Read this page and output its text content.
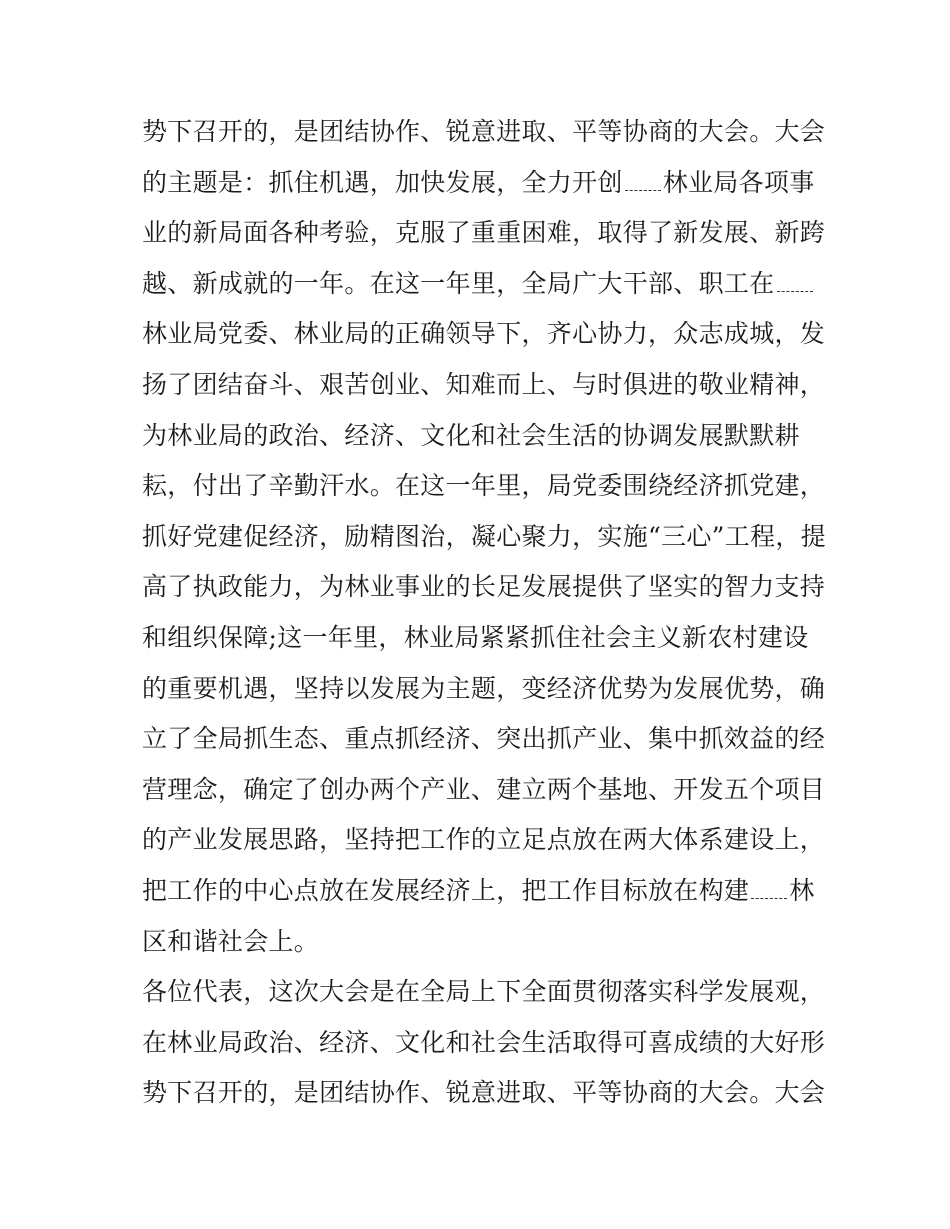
势下召开的，是团结协作、锐意进取、平等协商的大会。大会
的主题是：抓住机遇，加快发展，全力开创 林业局各项事
业的新局面各种考验，克服了重重困难，取得了新发展、新跨
越、新成就的一年。在这一年里，全局广大干部、职工在
林业局党委、林业局的正确领导下，齐心协力，众志成城，发
扬了团结奋斗、艰苦创业、知难而上、与时俱进的敬业精神，
为林业局的政治、经济、文化和社会生活的协调发展默默耕
耘，付出了辛勤汗水。在这一年里，局党委围绕经济抓党建，
抓好党建促经济，励精图治，凝心聚力，实施“三心”工程，提
高了执政能力，为林业事业的长足发展提供了坚实的智力支持
和组织保障;这一年里，林业局紧紧抓住社会主义新农村建设
的重要机遇，坚持以发展为主题，变经济优势为发展优势，确
立了全局抓生态、重点抓经济、突出抓产业、集中抓效益的经
营理念，确定了创办两个产业、建立两个基地、开发五个项目
的产业发展思路，坚持把工作的立足点放在两大体系建设上，
把工作的中心点放在发展经济上，把工作目标放在构建 林
区和谐社会上。
各位代表，这次大会是在全局上下全面贯彻落实科学发展观，
在林业局政治、经济、文化和社会生活取得可喜成绩的大好形
势下召开的，是团结协作、锐意进取、平等协商的大会。大会
